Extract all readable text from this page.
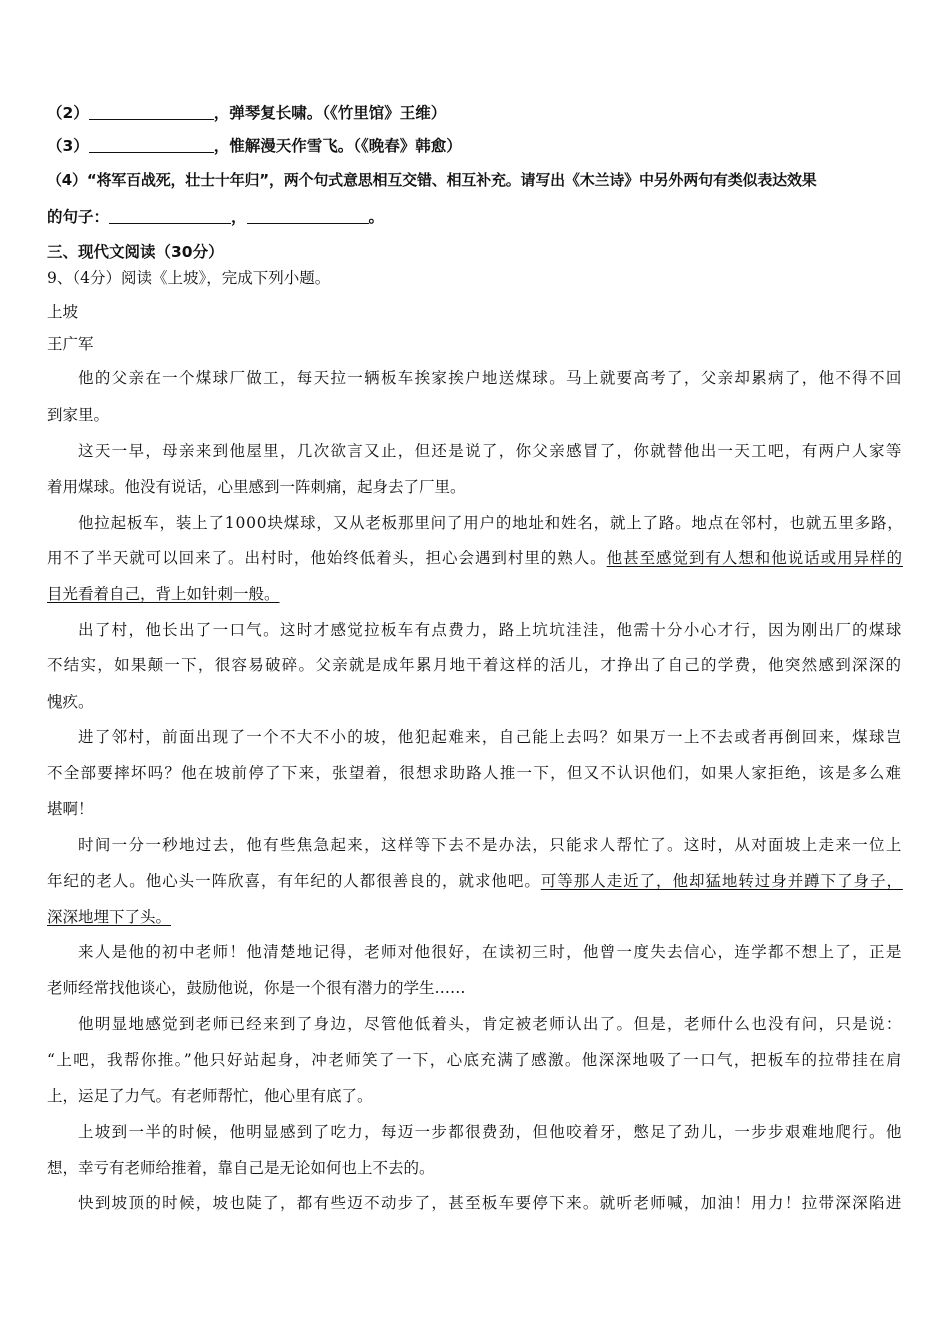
（2）	，弹琴复长啸。（《竹里馆》王维）
（3）	，惟解漫天作雪飞。（《晚春》韩愈）
（4）“将军百战死，壮士十年归”，两个句式意思相互交错、相互补充。请写出《木兰诗》中另外两句有类似表达效果
的句子：	，	。
三、现代文阅读（30分）
9、（4分）阅读《上坡》，完成下列小题。
上坡
王广军
他的父亲在一个煤球厂做工，每天拉一辆板车挨家挨户地送煤球。马上就要高考了，父亲却累病了，他不得不回
到家里。
这天一早，母亲来到他屋里，几次欲言又止，但还是说了，你父亲感冒了，你就替他出一天工吧，有两户人家等
着用煤球。他没有说话，心里感到一阵刺痛，起身去了厂里。
他拉起板车，装上了1000块煤球，又从老板那里问了用户的地址和姓名，就上了路。地点在邻村，也就五里多路，
用不了半天就可以回来了。出村时，他始终低着头，担心会遇到村里的熟人。他甚至感觉到有人想和他说话或用异样的
目光看着自己，背上如针刺一般。
出了村，他长出了一口气。这时才感觉拉板车有点费力，路上坑坑洼洼，他需十分小心才行，因为刚出厂的煤球
不结实，如果颠一下，很容易破碎。父亲就是成年累月地干着这样的活儿，才挣出了自己的学费，他突然感到深深的
愧疚。
进了邻村，前面出现了一个不大不小的坡，他犯起难来，自己能上去吗？如果万一上不去或者再倒回来，煤球岂
不全部要摔坏吗？他在坡前停了下来，张望着，很想求助路人推一下，但又不认识他们，如果人家拒绝，该是多么难
堪啊！
时间一分一秒地过去，他有些焦急起来，这样等下去不是办法，只能求人帮忙了。这时，从对面坡上走来一位上
年纪的老人。他心头一阵欣喜，有年纪的人都很善良的，就求他吧。可等那人走近了，他却猛地转过身并蹲下了身子，
深深地埋下了头。
来人是他的初中老师！他清楚地记得，老师对他很好，在读初三时，他曾一度失去信心，连学都不想上了，正是
老师经常找他谈心，鼓励他说，你是一个很有潜力的学生……
他明显地感觉到老师已经来到了身边，尽管他低着头，肯定被老师认出了。但是，老师什么也没有问，只是说：
“上吧，我帮你推。”他只好站起身，冲老师笑了一下，心底充满了感激。他深深地吸了一口气，把板车的拉带挂在肩
上，运足了力气。有老师帮忙，他心里有底了。
上坡到一半的时候，他明显感到了吃力，每迈一步都很费劲，但他咬着牙，憋足了劲儿，一步步艰难地爬行。他
想，幸亏有老师给推着，靠自己是无论如何也上不去的。
快到坡顶的时候，坡也陡了，都有些迈不动步了，甚至板车要停下来。就听老师喊，加油！用力！拉带深深陷进
